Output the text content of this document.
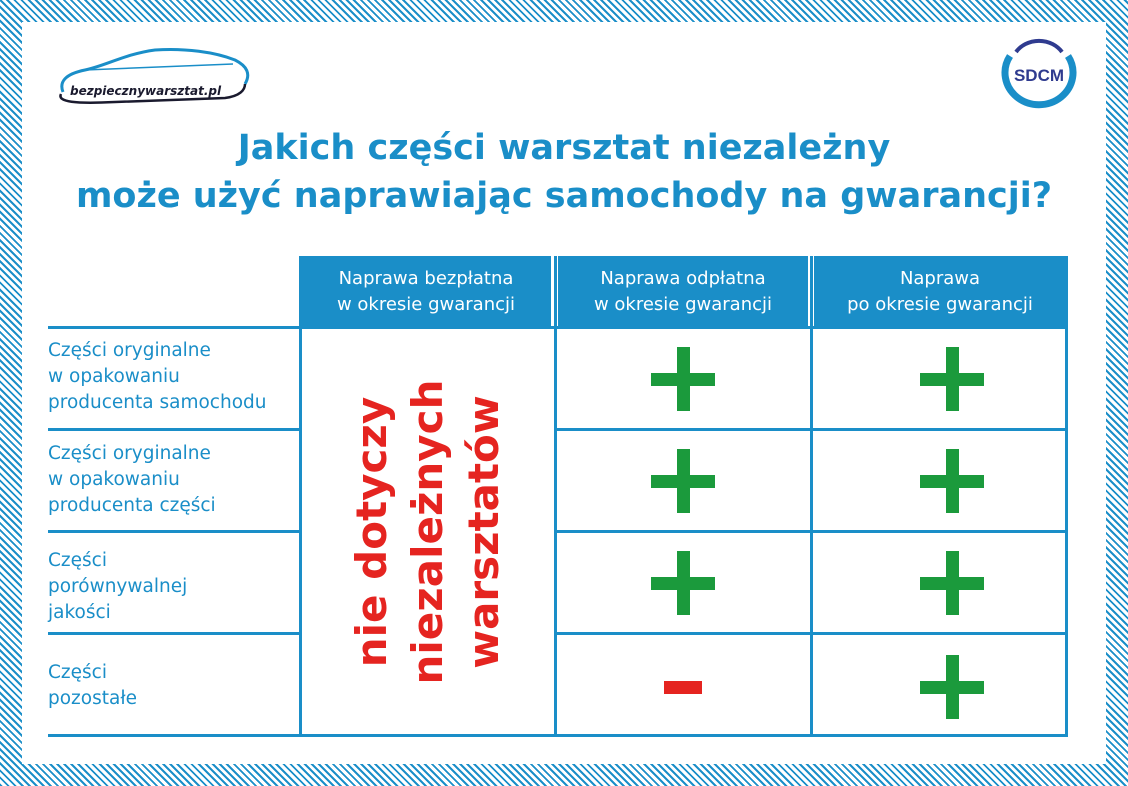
bezpiecznywarsztat.pl
SDCM
Jakich części warsztat niezależny
może użyć naprawiając samochody na gwarancji?
Naprawa bezpłatna
w okresie gwarancji
Naprawa odpłatna
w okresie gwarancji
Naprawa
po okresie gwarancji
Części oryginalne
w opakowaniu
producenta samochodu
Części oryginalne
w opakowaniu
producenta części
Części
porównywalnej
jakości
Części
pozostałe
nie dotyczy niezależnych warsztatów
